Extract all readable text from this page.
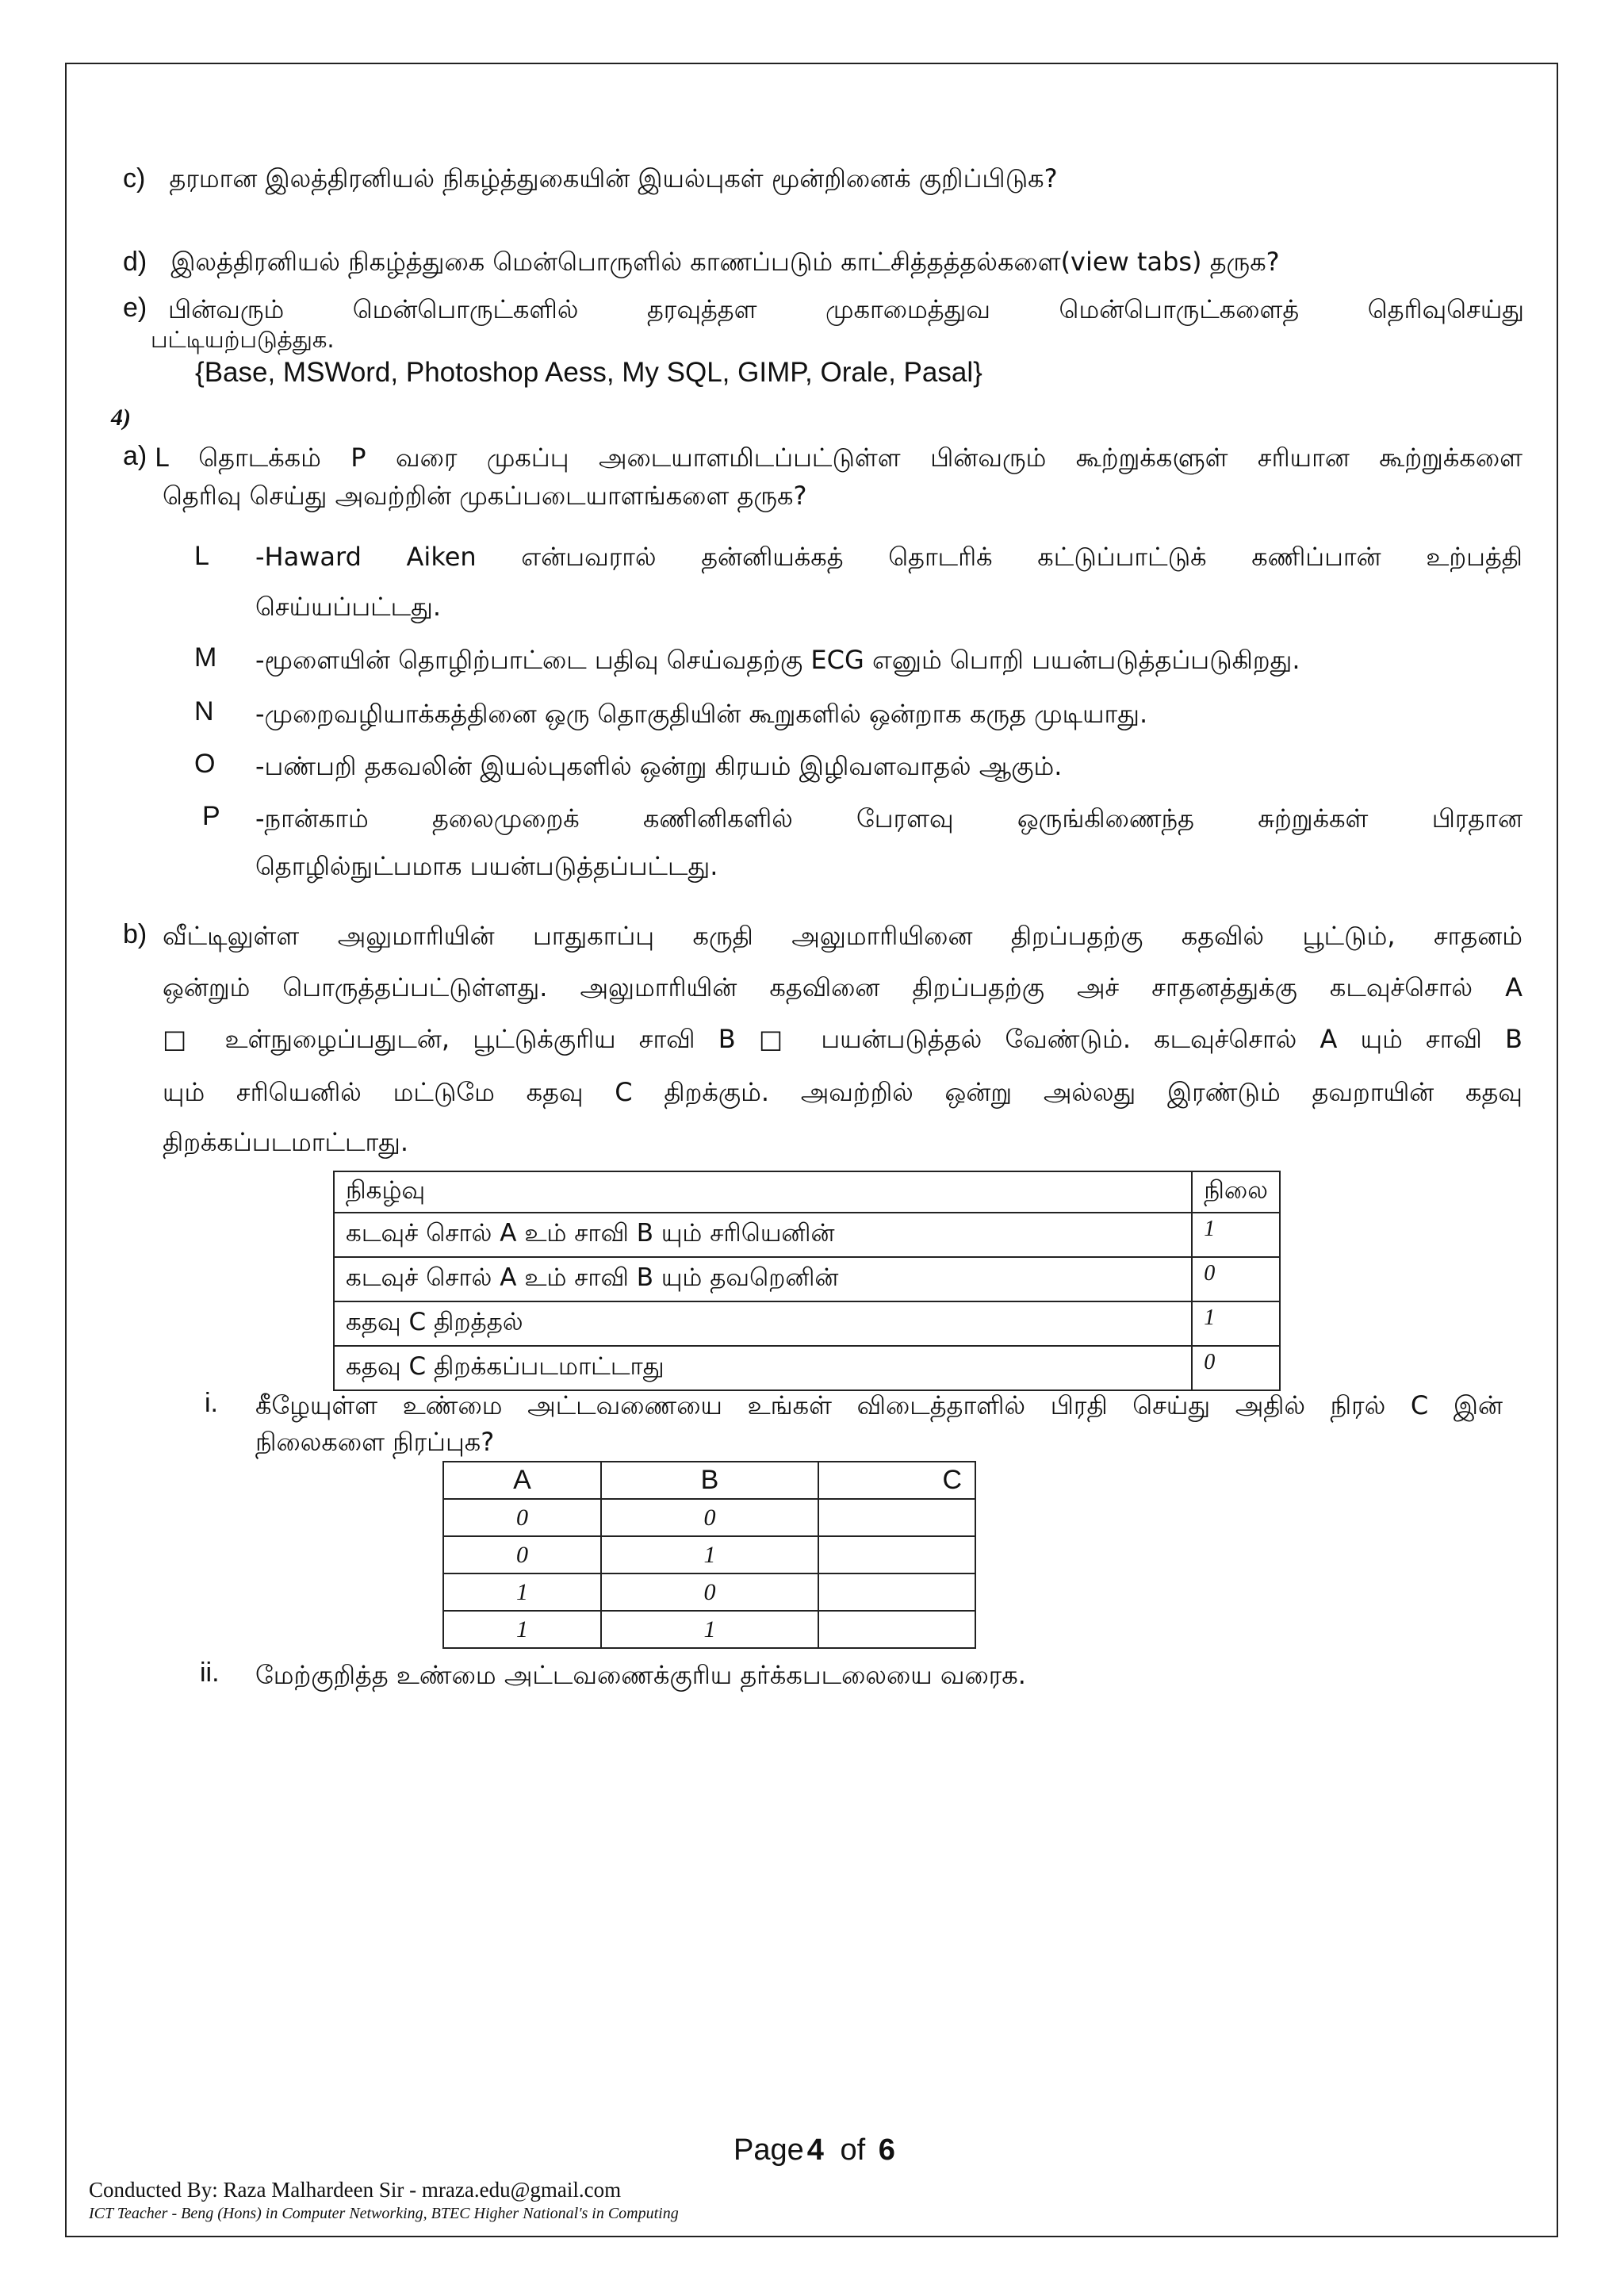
c) தரமான இலத்திரனியல் நிகழ்த்துகையின் இயல்புகள் மூன்றினைக் குறிப்பிடுக?
d) இலத்திரனியல் நிகழ்த்துகை மென்பொருளில் காணப்படும் காட்சித்தத்தல்களை(view tabs) தருக?
e) பின்வரும் மென்பொருட்களில் தரவுத்தள முகாமைத்துவ மென்பொருட்களைத் தெரிவுசெய்து
பட்டியற்படுத்துக.
{Base, MSWord, Photoshop Aess, My SQL, GIMP, Orale, Pasal}
4)
a) L தொடக்கம் P வரை முகப்பு அடையாளமிடப்பட்டுள்ள பின்வரும் கூற்றுக்களுள் சரியான கூற்றுக்களை
தெரிவு செய்து அவற்றின் முகப்படையாளங்களை தருக?
L -Haward Aiken என்பவரால் தன்னியக்கத் தொடரிக் கட்டுப்பாட்டுக் கணிப்பான் உற்பத்தி
செய்யப்பட்டது.
M -மூளையின் தொழிற்பாட்டை பதிவு செய்வதற்கு ECG எனும் பொறி பயன்படுத்தப்படுகிறது.
N -முறைவழியாக்கத்தினை ஒரு தொகுதியின் கூறுகளில் ஒன்றாக கருத முடியாது.
O -பண்பறி தகவலின் இயல்புகளில் ஒன்று கிரயம் இழிவளவாதல் ஆகும்.
P -நான்காம் தலைமுறைக் கணினிகளில் பேரளவு ஒருங்கிணைந்த சுற்றுக்கள் பிரதான
தொழில்நுட்பமாக பயன்படுத்தப்பட்டது.
b) வீட்டிலுள்ள அலுமாரியின் பாதுகாப்பு கருதி அலுமாரியினை திறப்பதற்கு கதவில் பூட்டும், சாதனம்
ஒன்றும் பொருத்தப்பட்டுள்ளது. அலுமாரியின் கதவினை திறப்பதற்கு அச் சாதனத்துக்கு கடவுச்சொல் A
□ உள்நுழைப்பதுடன், பூட்டுக்குரிய சாவி B □ பயன்படுத்தல் வேண்டும். கடவுச்சொல் A யும் சாவி B
யும் சரியெனில் மட்டுமே கதவு C திறக்கும். அவற்றில் ஒன்று அல்லது இரண்டும் தவறாயின் கதவு
திறக்கப்படமாட்டாது.
நிகழ்வு	நிலை
கடவுச் சொல் A உம் சாவி B யும் சரியெனின்	1
கடவுச் சொல் A உம் சாவி B யும் தவறெனின்	0
கதவு C திறத்தல்	1
கதவு C திறக்கப்படமாட்டாது	0
i. கீழேயுள்ள உண்மை அட்டவணையை உங்கள் விடைத்தாளில் பிரதி செய்து அதில் நிரல் C இன்
நிலைகளை நிரப்புக?
A	B	C
0	0	
0	1	
1	0	
1	1	
ii. மேற்குறித்த உண்மை அட்டவணைக்குரிய தர்க்கபடலையை வரைக.
Page 4 of 6
Conducted By: Raza Malhardeen Sir - mraza.edu@gmail.com
ICT Teacher - Beng (Hons) in Computer Networking, BTEC Higher National's in Computing
